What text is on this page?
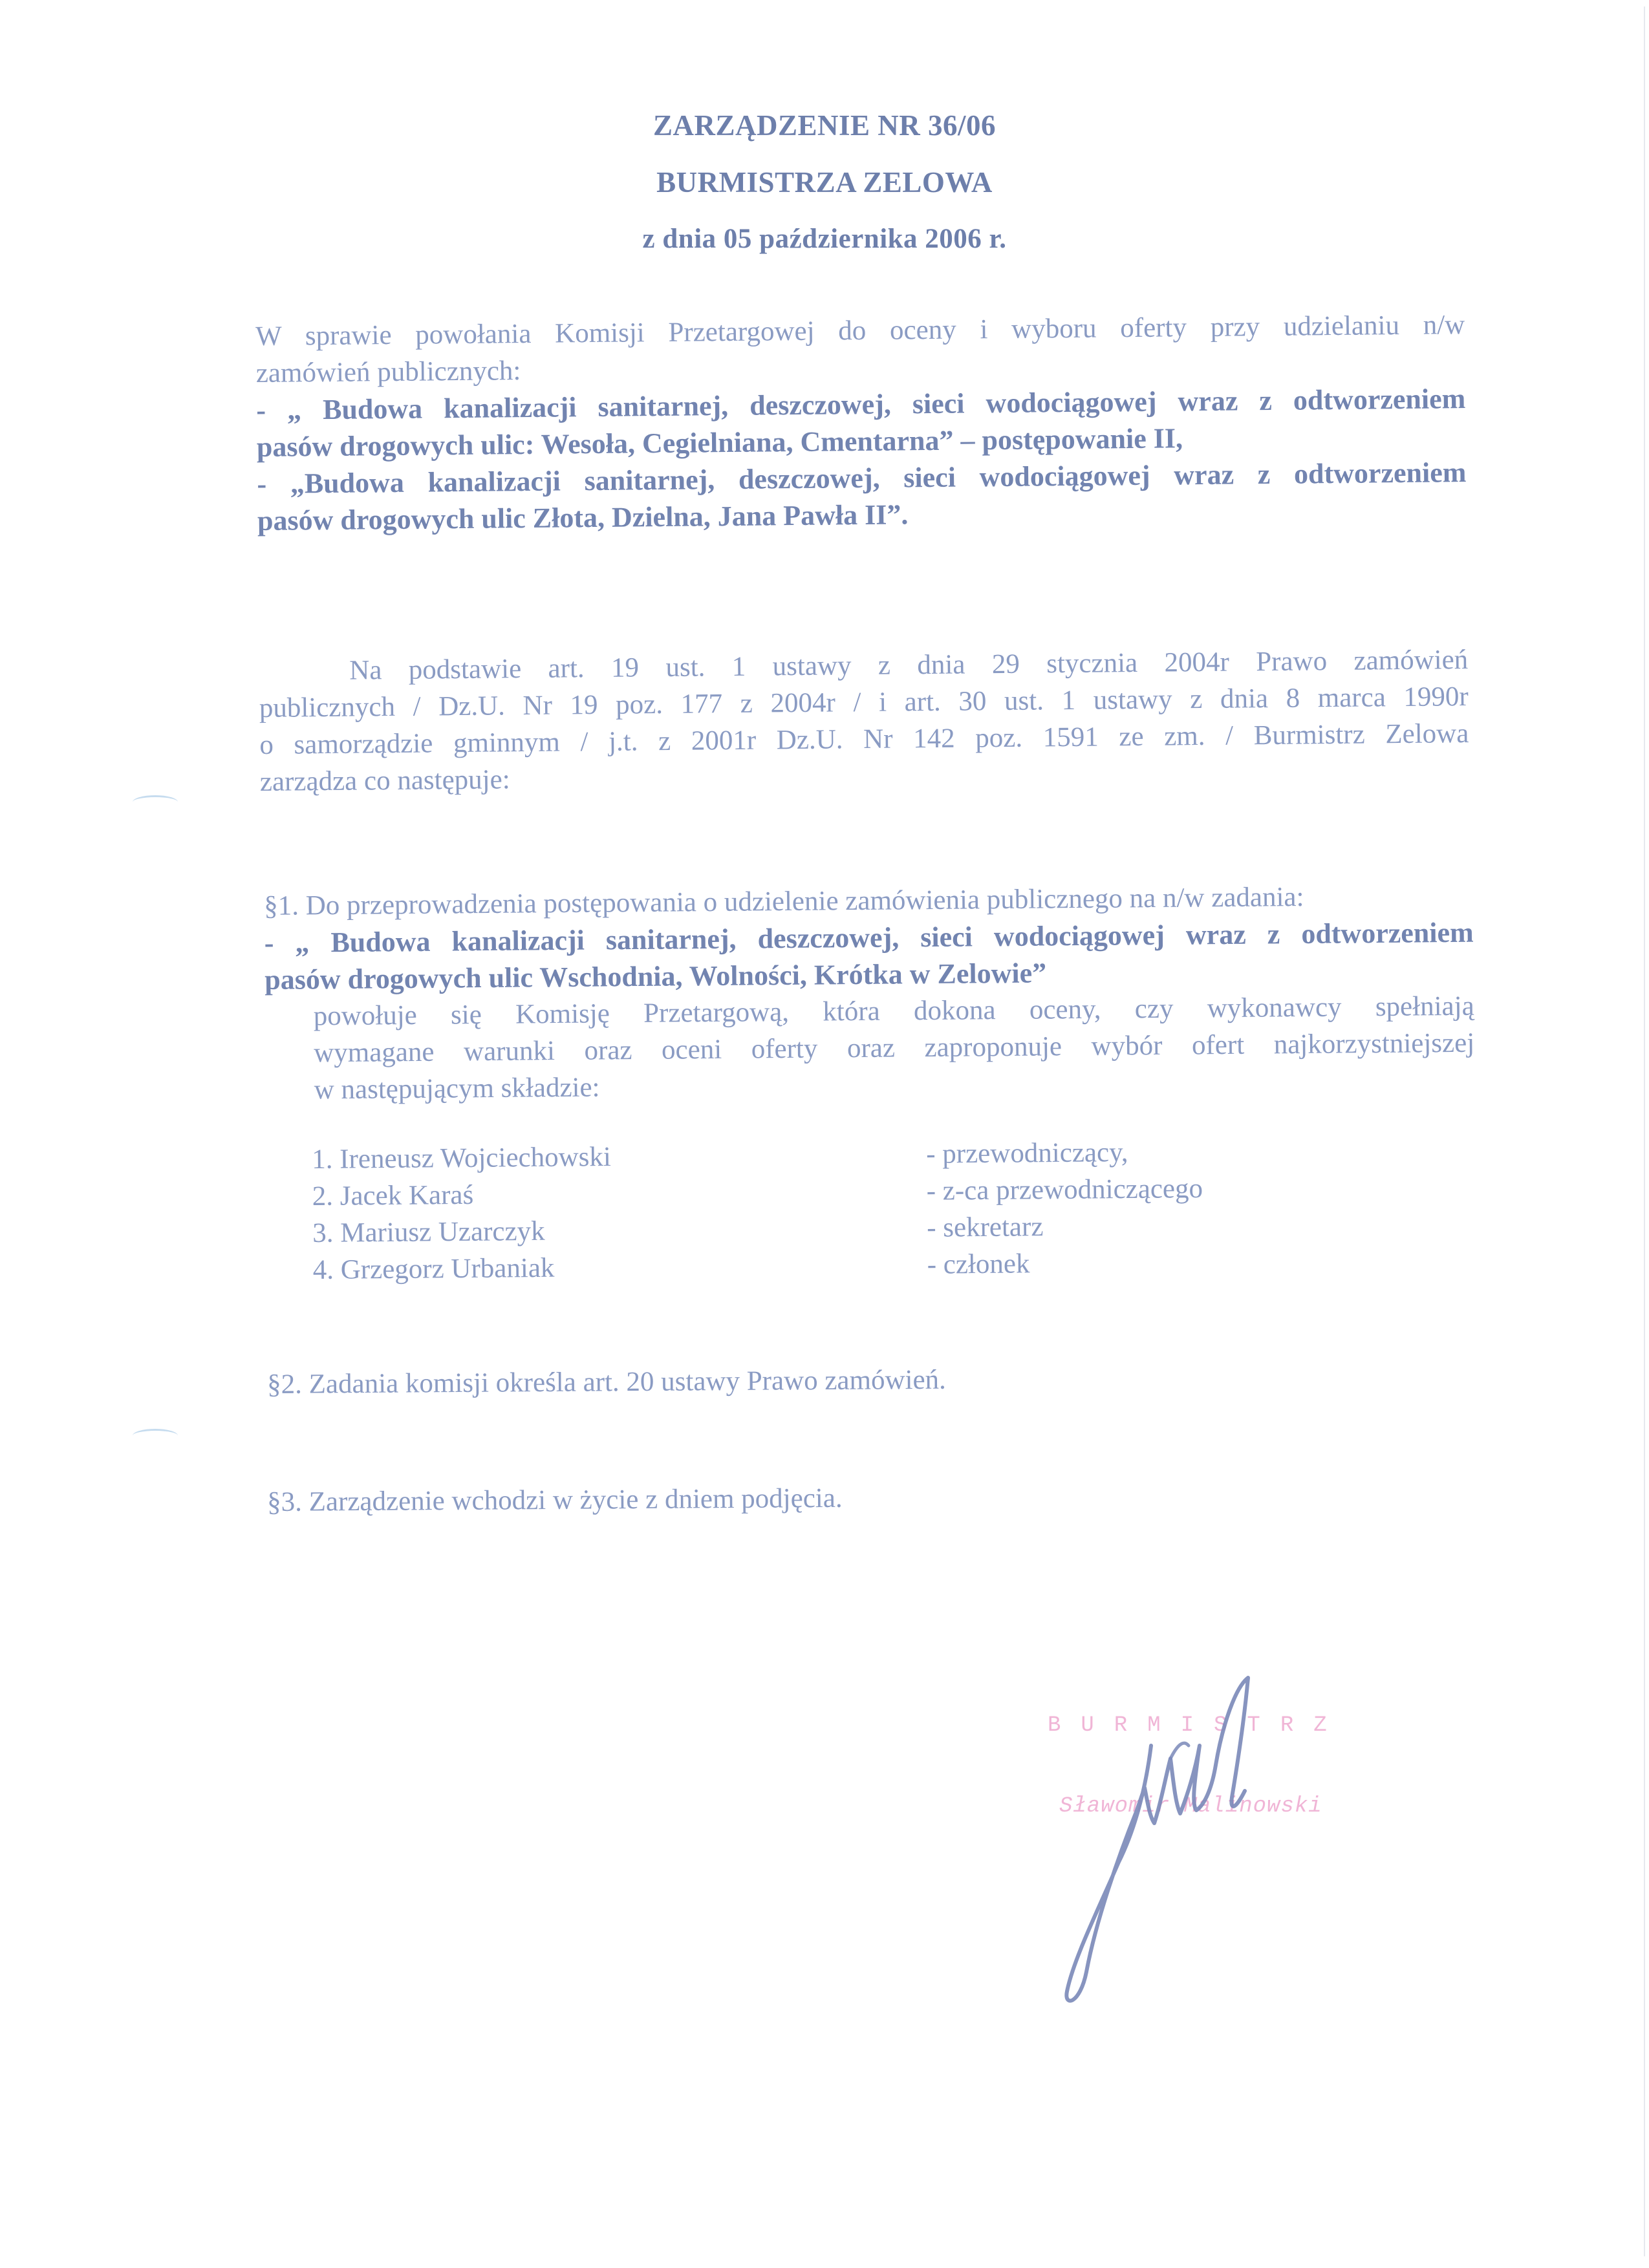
ZARZĄDZENIE NR 36/06
BURMISTRZA ZELOWA
z dnia 05 października 2006 r.
W sprawie powołania Komisji Przetargowej do oceny i wyboru oferty przy udzielaniu n/w
zamówień publicznych:
- „ Budowa kanalizacji sanitarnej, deszczowej, sieci wodociągowej wraz z odtworzeniem
pasów drogowych ulic: Wesoła, Cegielniana, Cmentarna” – postępowanie II,
- „Budowa kanalizacji sanitarnej, deszczowej, sieci wodociągowej wraz z odtworzeniem
pasów drogowych ulic Złota, Dzielna, Jana Pawła II”.
Na podstawie art. 19 ust. 1 ustawy z dnia 29 stycznia 2004r Prawo zamówień
publicznych / Dz.U. Nr 19 poz. 177 z 2004r / i art. 30 ust. 1 ustawy z dnia 8 marca 1990r
o samorządzie gminnym / j.t. z 2001r Dz.U. Nr 142 poz. 1591 ze zm. / Burmistrz Zelowa
zarządza co następuje:
§1. Do przeprowadzenia postępowania o udzielenie zamówienia publicznego na n/w zadania:
- „ Budowa kanalizacji sanitarnej, deszczowej, sieci wodociągowej wraz z odtworzeniem
pasów drogowych ulic Wschodnia, Wolności, Krótka w Zelowie”
powołuje się Komisję Przetargową, która dokona oceny, czy wykonawcy spełniają
wymagane warunki oraz oceni oferty oraz zaproponuje wybór ofert najkorzystniejszej
w następującym składzie:
1. Ireneusz Wojciechowski	- przewodniczący,
2. Jacek Karaś	- z-ca przewodniczącego
3. Mariusz Uzarczyk	- sekretarz
4. Grzegorz Urbaniak	- członek
§2. Zadania komisji określa art. 20 ustawy Prawo zamówień.
§3. Zarządzenie wchodzi w życie z dniem podjęcia.
BURMISTRZ
Sławomir Malinowski
